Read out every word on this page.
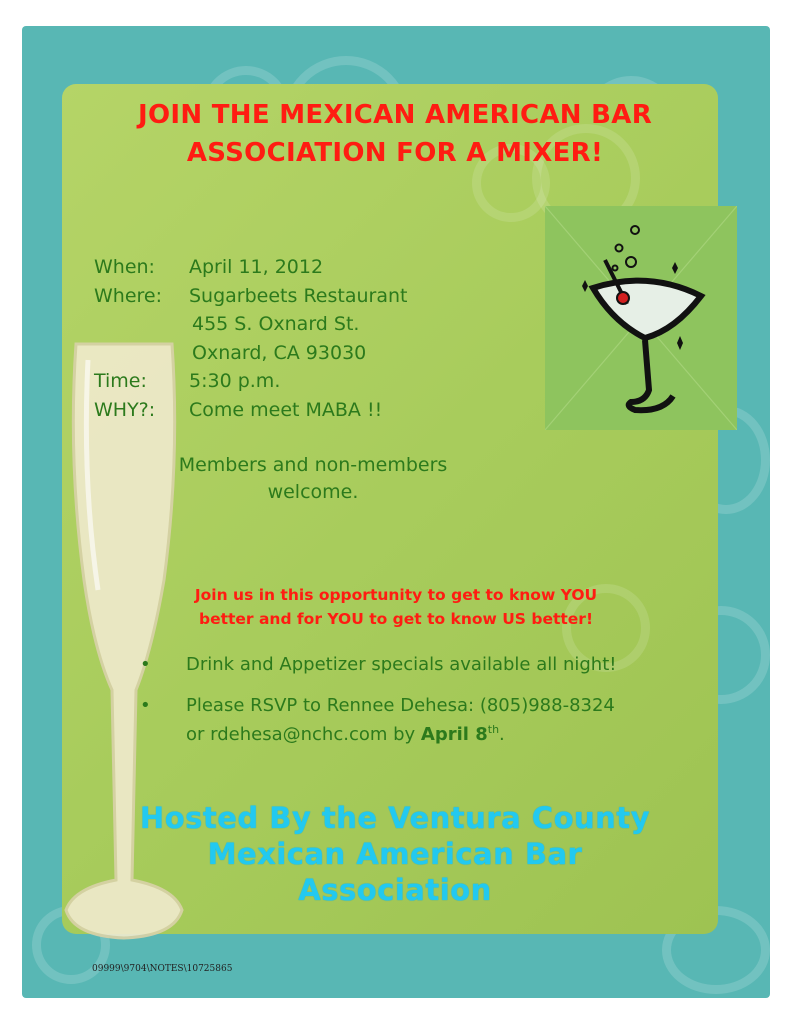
JOIN THE MEXICAN AMERICAN BAR
ASSOCIATION FOR A MIXER!
When: April 11, 2012
Where: Sugarbeets Restaurant
455 S. Oxnard St.
Oxnard, CA 93030
Time: 5:30 p.m.
WHY?: Come meet MABA !!
Members and non-members
welcome.
Join us in this opportunity to get to know YOU
better and for YOU to get to know US better!
• Drink and Appetizer specials available all night!
• Please RSVP to Rennee Dehesa: (805)988-8324
or rdehesa@nchc.com by April 8th.
Hosted By the Ventura County
Mexican American Bar
Association
09999\9704\NOTES\10725865
